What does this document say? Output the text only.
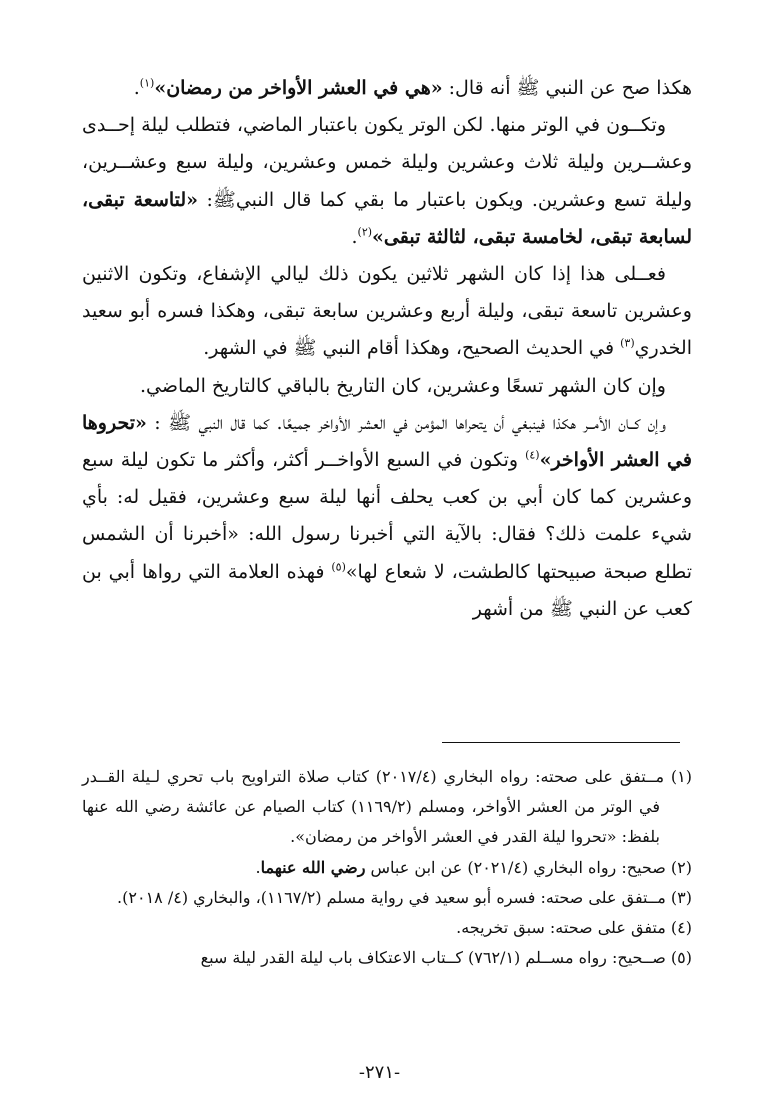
هكذا صح عن النبي ﷺ أنه قال: «هي في العشر الأواخر من رمضان»$^{(١)}$.

وتكــون في الوتر منها. لكن الوتر يكون باعتبار الماضي، فتطلب ليلة إحــدى وعشــرين وليلة ثلاث وعشرين وليلة خمس وعشرين، وليلة سبع وعشــرين، وليلة تسع وعشرين. ويكون باعتبار ما بقي كما قال النبيﷺ: «لتاسعة تبقى، لسابعة تبقى، لخامسة تبقى، لثالثة تبقى»$^{(٢)}$.

فعــلى هذا إذا كان الشهر ثلاثين يكون ذلك ليالي الإشفاع، وتكون الاثنين وعشرين تاسعة تبقى، وليلة أربع وعشرين سابعة تبقى، وهكذا فسره أبو سعيد الخدري$^{(٣)}$ في الحديث الصحيح، وهكذا أقام النبي ﷺ في الشهر.

وإن كان الشهر تسعًا وعشرين، كان التاريخ بالباقي كالتاريخ الماضي.

وإن كــان الأمــر هكذا فينبغي أن يتحراها المؤمن في العشر الأواخر جميعًا. كما قال النبي ﷺ : «تحروها في العشر الأواخر»$^{(٤)}$ وتكون في السبع الأواخــر أكثر، وأكثر ما تكون ليلة سبع وعشرين كما كان أبي بن كعب يحلف أنها ليلة سبع وعشرين، فقيل له: بأي شيء علمت ذلك؟ فقال: بالآية التي أخبرنا رسول الله: «أخبرنا أن الشمس تطلع صبحة صبيحتها كالطشت، لا شعاع لها»$^{(٥)}$ فهذه العلامة التي رواها أبي بن كعب عن النبي ﷺ من أشهر

(١) مــتفق على صحته: رواه البخاري (٢٠١٧/٤) كتاب صلاة التراويح باب تحري لـيلة القــدر في الوتر من العشر الأواخر، ومسلم (١١٦٩/٢) كتاب الصيام عن عائشة رضي الله عنها بلفظ: «تحروا ليلة القدر في العشر الأواخر من رمضان».

(٢) صحيح: رواه البخاري (٢٠٢١/٤) عن ابن عباس رضي الله عنهما.

(٣) مــتفق على صحته: فسره أبو سعيد في رواية مسلم (١١٦٧/٢)، والبخاري (٤/ ٢٠١٨).

(٤) متفق على صحته: سبق تخريجه.

(٥) صــحيح: رواه مســلم (٧٦٢/١) كــتاب الاعتكاف باب ليلة القدر ليلة سبع

-٢٧١-
